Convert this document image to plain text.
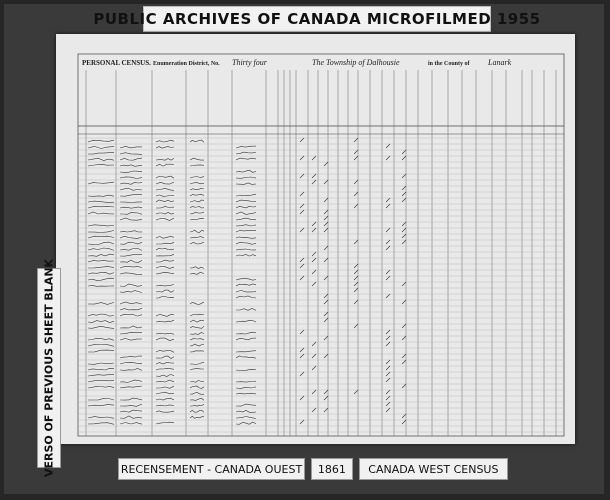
PUBLIC ARCHIVES OF CANADA MICROFILMED 1955
PERSONAL CENSUS. Enumeration District, No. Thirty four	The Township of Dalhousie	in the County of Lanark
VERSO OF PREVIOUS SHEET BLANK	RECENSEMENT - CANADA OUEST	1861	CANADA WEST CENSUS
